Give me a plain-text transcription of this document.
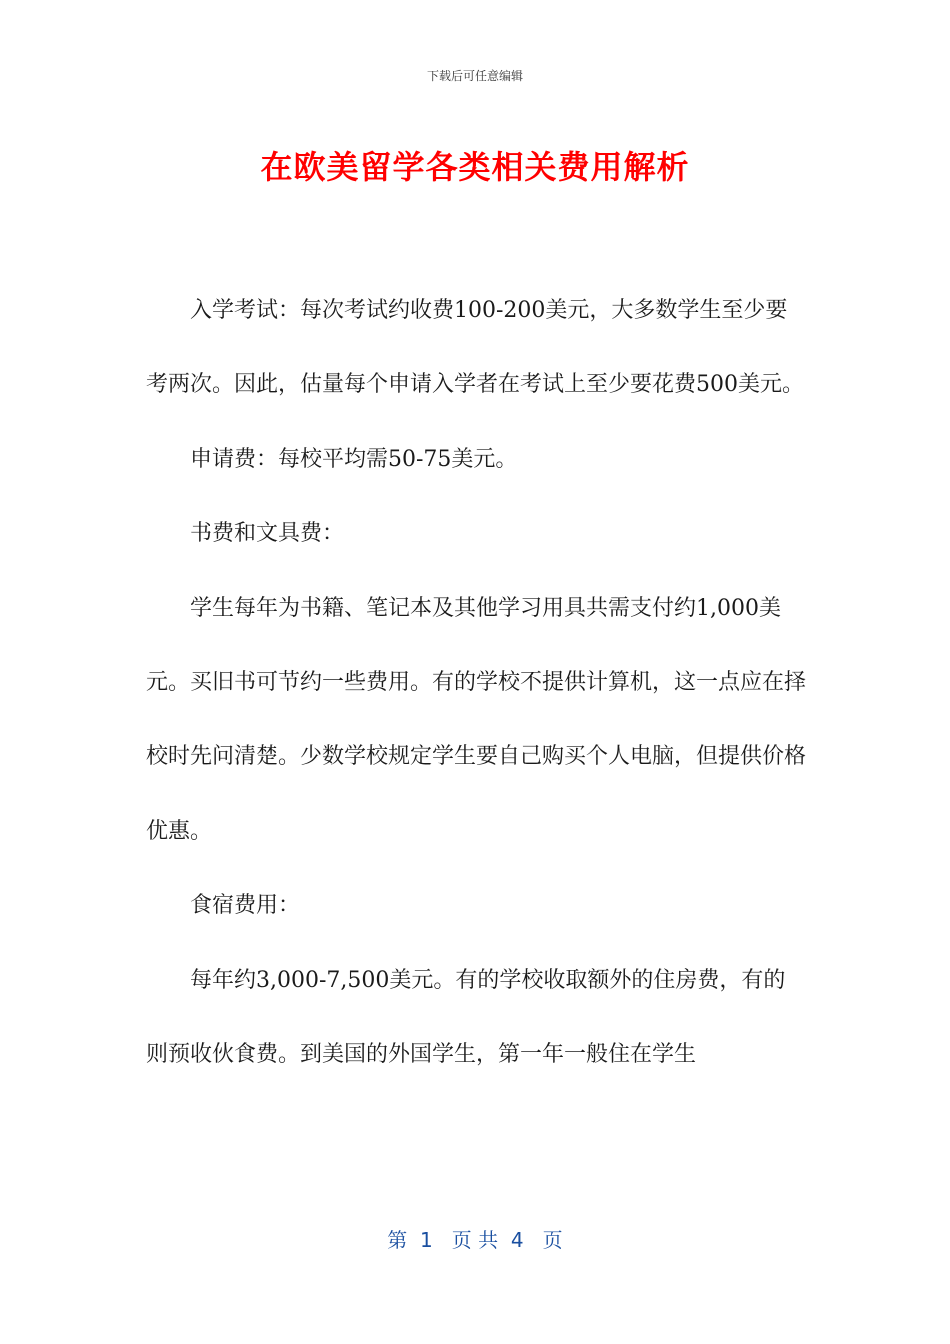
下载后可任意编辑
在欧美留学各类相关费用解析

入学考试：每次考试约收费100-200美元，大多数学生至少要考两次。因此，估量每个申请入学者在考试上至少要花费500美元。

申请费：每校平均需50-75美元。

书费和文具费：

学生每年为书籍、笔记本及其他学习用具共需支付约1,000美元。买旧书可节约一些费用。有的学校不提供计算机，这一点应在择校时先问清楚。少数学校规定学生要自己购买个人电脑，但提供价格优惠。

食宿费用：

每年约3,000-7,500美元。有的学校收取额外的住房费，有的则预收伙食费。到美国的外国学生，第一年一般住在学生

第  1   页 共  4   页
